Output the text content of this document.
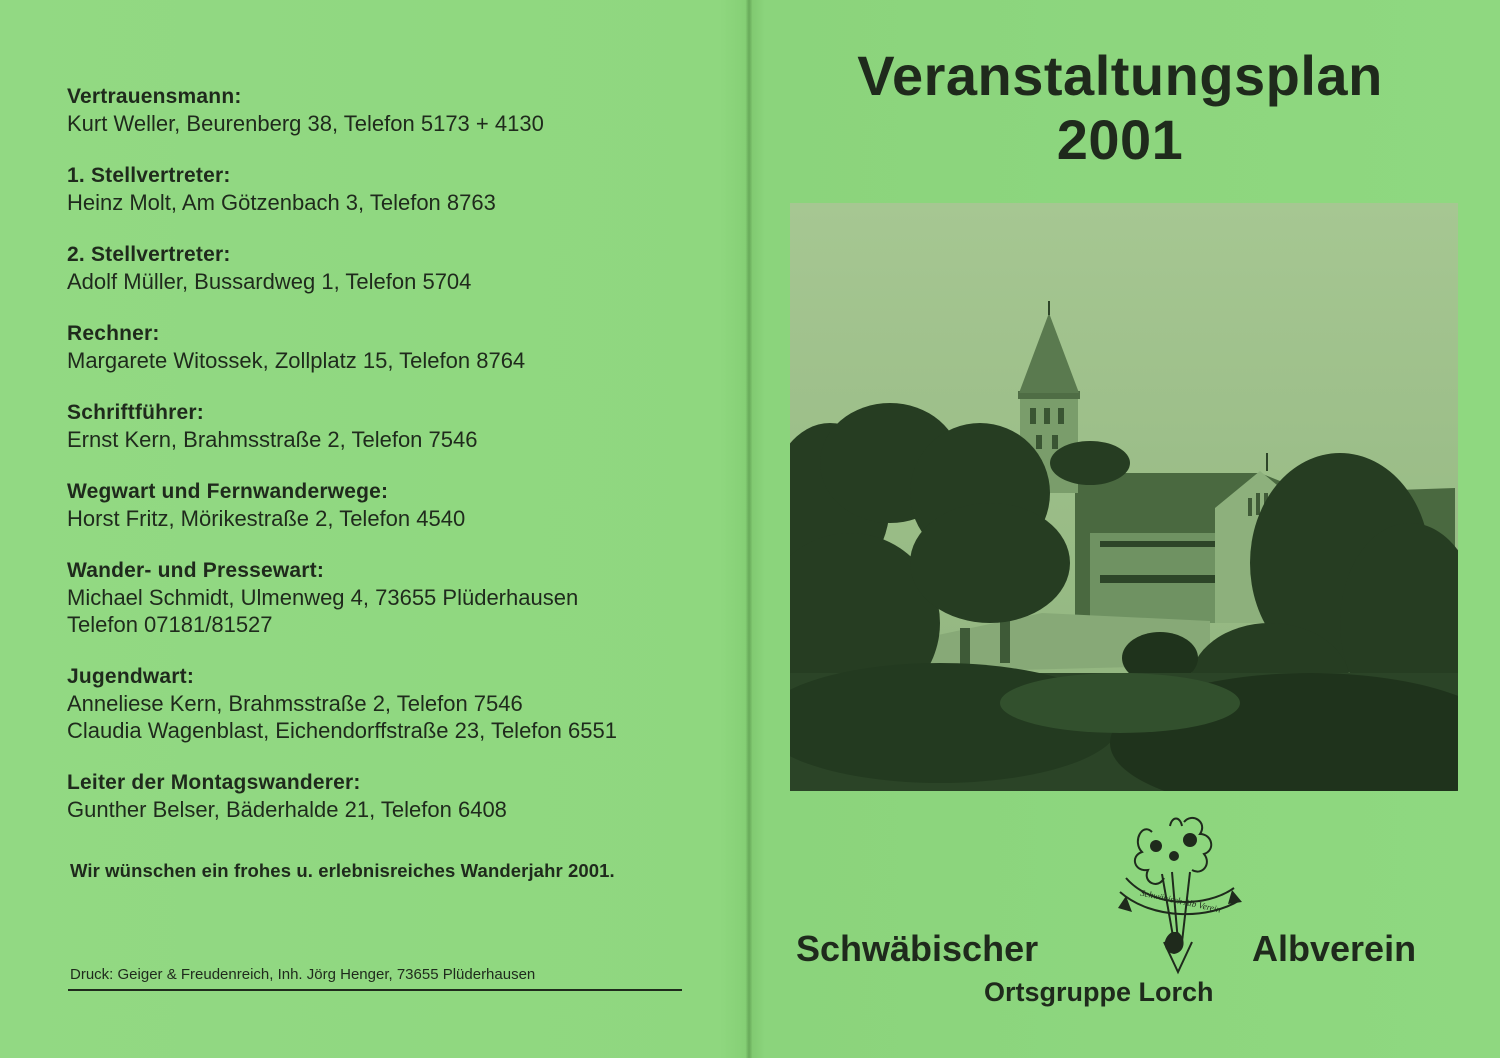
Vertrauensmann:
Kurt Weller, Beurenberg 38, Telefon 5173 + 4130
1. Stellvertreter:
Heinz Molt, Am Götzenbach 3, Telefon 8763
2. Stellvertreter:
Adolf Müller, Bussardweg 1, Telefon 5704
Rechner:
Margarete Witossek, Zollplatz 15, Telefon 8764
Schriftführer:
Ernst Kern, Brahmsstraße 2, Telefon 7546
Wegwart und Fernwanderwege:
Horst Fritz, Mörikestraße 2, Telefon 4540
Wander- und Pressewart:
Michael Schmidt, Ulmenweg 4, 73655 Plüderhausen
Telefon 07181/81527
Jugendwart:
Anneliese Kern, Brahmsstraße 2, Telefon 7546
Claudia Wagenblast, Eichendorffstraße 23, Telefon 6551
Leiter der Montagswanderer:
Gunther Belser, Bäderhalde 21, Telefon 6408
Wir wünschen ein frohes u. erlebnisreiches Wanderjahr 2001.
Druck: Geiger & Freudenreich, Inh. Jörg Henger, 73655 Plüderhausen
Veranstaltungsplan
2001
Schwäbisch Alb Verein
Schwäbischer	Albverein
Ortsgruppe Lorch
